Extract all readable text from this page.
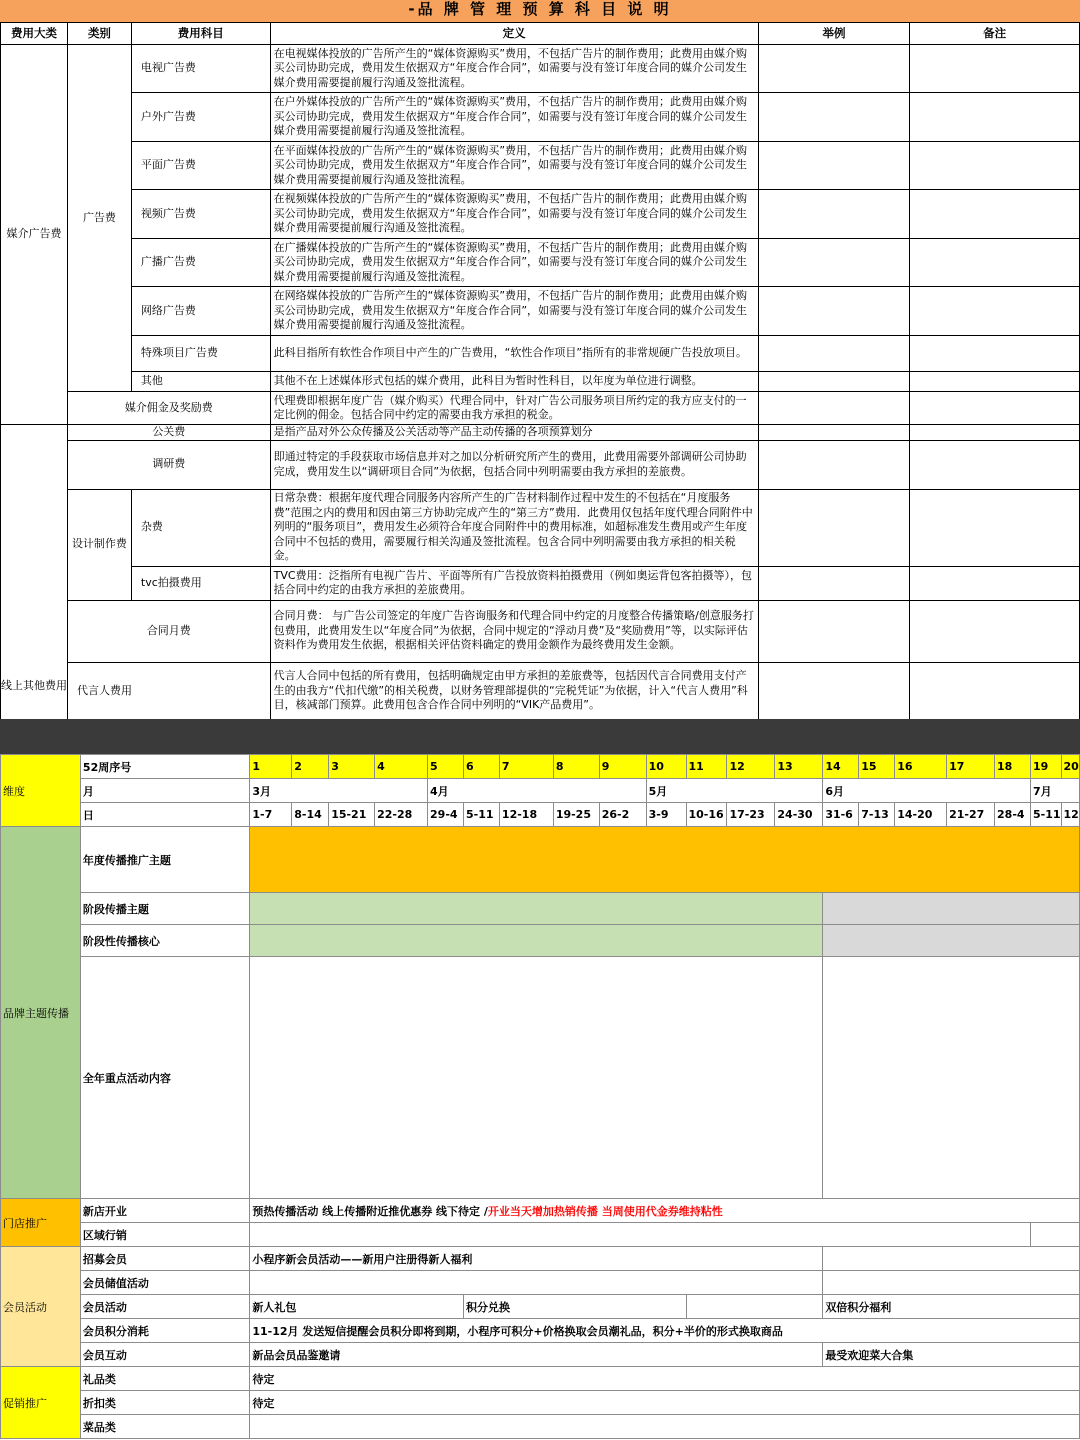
-品 牌 管 理 预 算 科 目 说 明
费用大类	类别	费用科目	定义	举例	备注
媒介广告费	广告费	电视广告费	在电视媒体投放的广告所产生的“媒体资源购买”费用，不包括广告片的制作费用；此费用由媒介购买公司协助完成，费用发生依据双方“年度合作合同”，如需要与没有签订年度合同的媒介公司发生媒介费用需要提前履行沟通及签批流程。		
		户外广告费	在户外媒体投放的广告所产生的“媒体资源购买”费用，不包括广告片的制作费用；此费用由媒介购买公司协助完成，费用发生依据双方“年度合作合同”，如需要与没有签订年度合同的媒介公司发生媒介费用需要提前履行沟通及签批流程。		
		平面广告费	在平面媒体投放的广告所产生的“媒体资源购买”费用，不包括广告片的制作费用；此费用由媒介购买公司协助完成，费用发生依据双方“年度合作合同”，如需要与没有签订年度合同的媒介公司发生媒介费用需要提前履行沟通及签批流程。		
		视频广告费	在视频媒体投放的广告所产生的“媒体资源购买”费用，不包括广告片的制作费用；此费用由媒介购买公司协助完成，费用发生依据双方“年度合作合同”，如需要与没有签订年度合同的媒介公司发生媒介费用需要提前履行沟通及签批流程。		
		广播广告费	在广播媒体投放的广告所产生的“媒体资源购买”费用，不包括广告片的制作费用；此费用由媒介购买公司协助完成，费用发生依据双方“年度合作合同”，如需要与没有签订年度合同的媒介公司发生媒介费用需要提前履行沟通及签批流程。		
		网络广告费	在网络媒体投放的广告所产生的“媒体资源购买”费用，不包括广告片的制作费用；此费用由媒介购买公司协助完成，费用发生依据双方“年度合作合同”，如需要与没有签订年度合同的媒介公司发生媒介费用需要提前履行沟通及签批流程。		
		特殊项目广告费	此科目指所有软性合作项目中产生的广告费用，“软性合作项目”指所有的非常规硬广告投放项目。		
		其他	其他不在上述媒体形式包括的媒介费用，此科目为暂时性科目，以年度为单位进行调整。		
	媒介佣金及奖励费		代理费即根据年度广告（媒介购买）代理合同中，针对广告公司服务项目所约定的我方应支付的一定比例的佣金。包括合同中约定的需要由我方承担的税金。		
线上其他费用	公关费		是指产品对外公众传播及公关活动等产品主动传播的各项预算划分		
	调研费		即通过特定的手段获取市场信息并对之加以分析研究所产生的费用，此费用需要外部调研公司协助完成，费用发生以“调研项目合同”为依据，包括合同中列明需要由我方承担的差旅费。		
	设计制作费	杂费	日常杂费：根据年度代理合同服务内容所产生的广告材料制作过程中发生的不包括在“月度服务费”范围之内的费用和因由第三方协助完成产生的“第三方”费用．此费用仅包括年度代理合同附件中列明的“服务项目”，费用发生必须符合年度合同附件中的费用标准，如超标准发生费用或产生年度合同中不包括的费用，需要履行相关沟通及签批流程。包含合同中列明需要由我方承担的相关税金。		
		tvc拍摄费用	TVC费用：泛指所有电视广告片、平面等所有广告投放资料拍摄费用（例如奥运背包客拍摄等），包括合同中约定的由我方承担的差旅费用。		
	合同月费		合同月费： 与广告公司签定的年度广告咨询服务和代理合同中约定的月度整合传播策略/创意服务打包费用，此费用发生以“年度合同”为依据，合同中规定的“浮动月费”及“奖励费用”等，以实际评估资料作为费用发生依据，根据相关评估资料确定的费用金额作为最终费用发生金额。		
	代言人费用		代言人合同中包括的所有费用，包括明确规定由甲方承担的差旅费等，包括因代言合同费用支付产生的由我方“代扣代缴”的相关税费，以财务管理部提供的“完税凭证”为依据，计入“代言人费用”科目，核减部门预算。此费用包含合作合同中列明的“VIK产品费用”。		
维度	52周序号	1	2	3	4	5	6	7	8	9	10	11	12	13	14	15	16	17	18	19	20
	月	3月				4月					5月				6月					7月	
	日	1-7	8-14	15-21	22-28	29-4	5-11	12-18	19-25	26-2	3-9	10-16	17-23	24-30	31-6	7-13	14-20	21-27	28-4	5-11	12
品牌主题传播	年度传播推广主题																				
	阶段传播主题																				
	阶段性传播核心																				
	全年重点活动内容																				
门店推广	新店开业	预热传播活动 线上传播附近推优惠券 线下待定 /开业当天增加热销传播 当周使用代金券维持粘性																			
	区域行销																				
会员活动	招募会员	小程序新会员活动——新用户注册得新人福利																			
	会员储值活动																				
	会员活动	新人礼包					积分兑换								双倍积分福利						
	会员积分消耗	11-12月 发送短信提醒会员积分即将到期，小程序可积分+价格换取会员潮礼品，积分+半价的形式换取商品																			
	会员互动	新品会员品鉴邀请													最受欢迎菜大合集						
促销推广	礼品类	待定																			
	折扣类	待定																			
	菜品类																				
